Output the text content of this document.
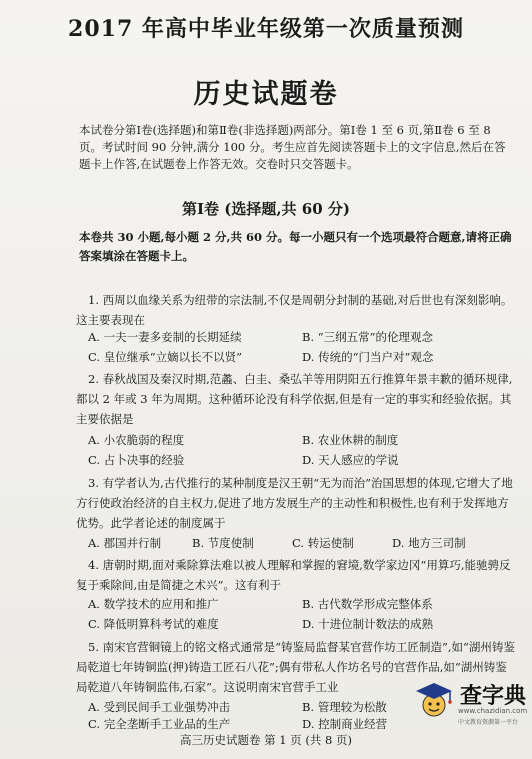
2017 年高中毕业年级第一次质量预测
历史试题卷
本试卷分第Ⅰ卷(选择题)和第Ⅱ卷(非选择题)两部分。第Ⅰ卷 1 至 6 页,第Ⅱ卷 6 至 8 页。考试时间 90 分钟,满分 100 分。考生应首先阅读答题卡上的文字信息,然后在答题卡上作答,在试题卷上作答无效。交卷时只交答题卡。
第Ⅰ卷 (选择题,共 60 分)
本卷共 30 小题,每小题 2 分,共 60 分。每一小题只有一个选项最符合题意,请将正确答案填涂在答题卡上。
1. 西周以血缘关系为纽带的宗法制,不仅是周朝分封制的基础,对后世也有深刻影响。这主要表现在
A. 一夫一妻多妾制的长期延续	B. “三纲五常”的伦理观念
C. 皇位继承“立嫡以长不以贤”	D. 传统的“门当户对”观念
2. 春秋战国及秦汉时期,范蠡、白圭、桑弘羊等用阴阳五行推算年景丰歉的循环规律,都以 2 年或 3 年为周期。这种循环论没有科学依据,但是有一定的事实和经验依据。其主要依据是
A. 小农脆弱的程度	B. 农业休耕的制度
C. 占卜决事的经验	D. 天人感应的学说
3. 有学者认为,古代推行的某种制度是汉王朝“无为而治”治国思想的体现,它增大了地方行使政治经济的自主权力,促进了地方发展生产的主动性和积极性,也有利于发挥地方优势。此学者论述的制度属于
A. 郡国并行制	B. 节度使制	C. 转运使制	D. 地方三司制
4. 唐朝时期,面对乘除算法难以被人理解和掌握的窘境,数学家边冈“用算巧,能驰骋反复于乘除间,由是简捷之术兴”。这有利于
A. 数学技术的应用和推广	B. 古代数学形成完整体系
C. 降低明算科考试的难度	D. 十进位制计数法的成熟
5. 南宋官营铜镜上的铭文格式通常是“铸鉴局监督某官营作坊工匠制造”,如“湖州铸鉴局乾道七年铸铜监(押)铸造工匠石八花”;偶有带私人作坊名号的官营作品,如“湖州铸鉴局乾道八年铸铜监伟,石家”。这说明南宋官营手工业
A. 受到民间手工业强势冲击	B. 管理较为松散
C. 完全垄断手工业品的生产	D. 控制商业经营
查字典
www.chazidian.com
中文教育资源第一平台
高三历史试题卷 第 1 页 (共 8 页)
